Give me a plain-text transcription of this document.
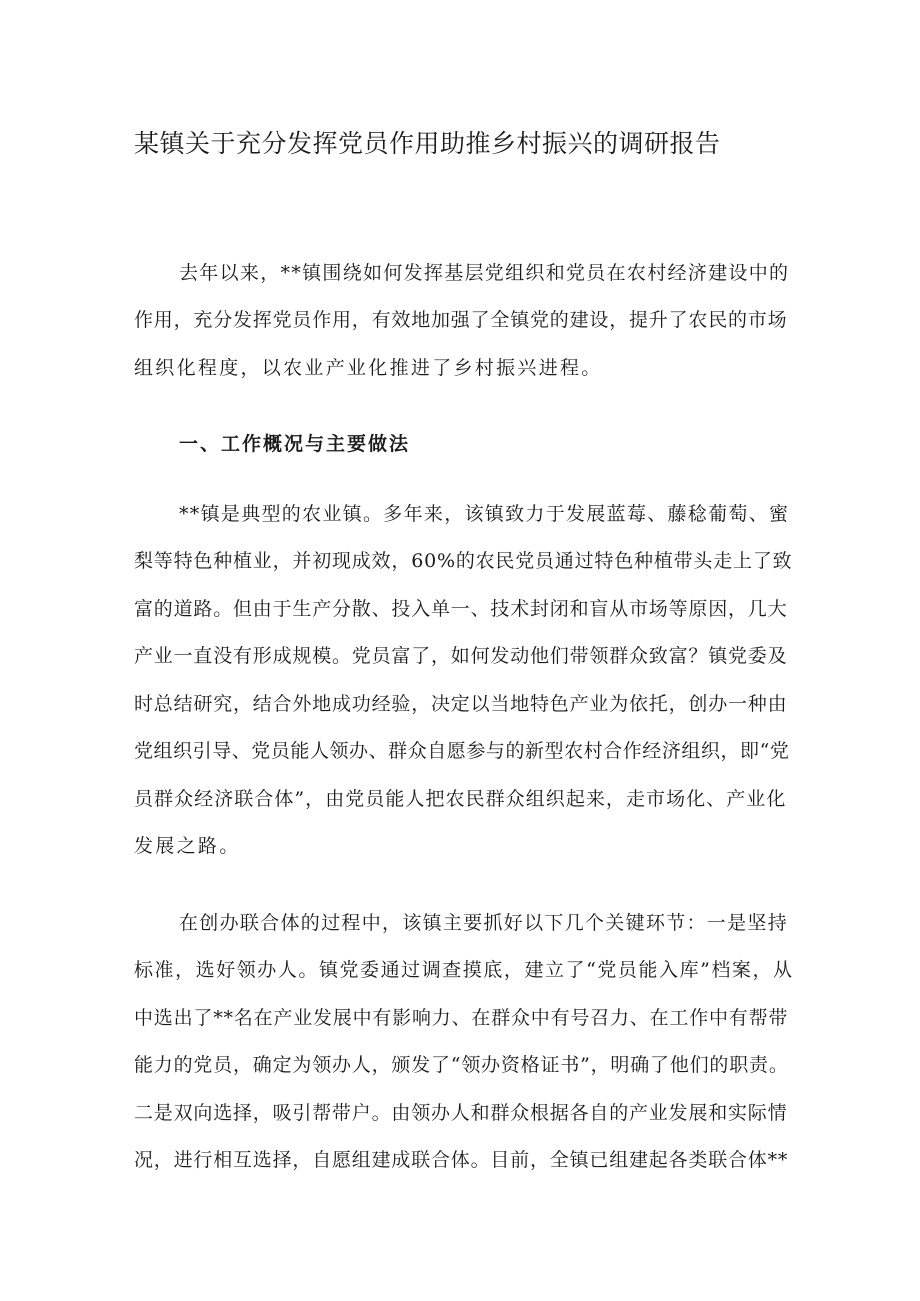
某镇关于充分发挥党员作用助推乡村振兴的调研报告
去年以来，**镇围绕如何发挥基层党组织和党员在农村经济建设中的
作用，充分发挥党员作用，有效地加强了全镇党的建设，提升了农民的市场
组织化程度，以农业产业化推进了乡村振兴进程。
一、工作概况与主要做法
**镇是典型的农业镇。多年来，该镇致力于发展蓝莓、藤稔葡萄、蜜
梨等特色种植业，并初现成效，60%的农民党员通过特色种植带头走上了致
富的道路。但由于生产分散、投入单一、技术封闭和盲从市场等原因，几大
产业一直没有形成规模。党员富了，如何发动他们带领群众致富？镇党委及
时总结研究，结合外地成功经验，决定以当地特色产业为依托，创办一种由
党组织引导、党员能人领办、群众自愿参与的新型农村合作经济组织，即“党
员群众经济联合体”，由党员能人把农民群众组织起来，走市场化、产业化
发展之路。
在创办联合体的过程中，该镇主要抓好以下几个关键环节：一是坚持
标准，选好领办人。镇党委通过调查摸底，建立了“党员能入库”档案，从
中选出了**名在产业发展中有影响力、在群众中有号召力、在工作中有帮带
能力的党员，确定为领办人，颁发了“领办资格证书”，明确了他们的职责。
二是双向选择，吸引帮带户。由领办人和群众根据各自的产业发展和实际情
况，进行相互选择，自愿组建成联合体。目前，全镇已组建起各类联合体**
